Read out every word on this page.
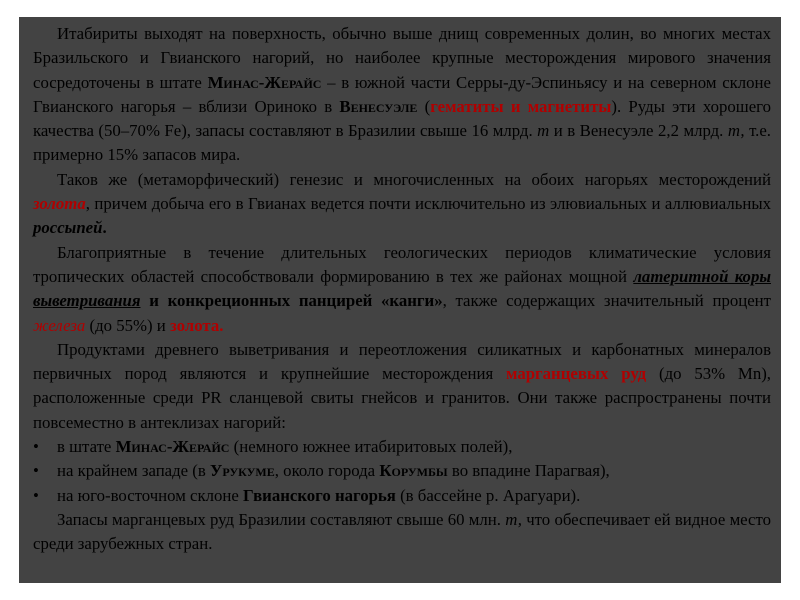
Итабириты выходят на поверхность, обычно выше днищ современных долин, во многих местах Бразильского и Гвианского нагорий, но наиболее крупные месторождения мирового значения сосредоточены в штате Минас-Жерайс – в южной части Серры-ду-Эспиньясу и на северном склоне Гвианского нагорья – вблизи Ориноко в Венесуэле (гематиты и магнетиты). Руды эти хорошего качества (50–70% Fe), запасы составляют в Бразилии свыше 16 млрд. т и в Венесуэле 2,2 млрд. т, т.е. примерно 15% запасов мира.

Таков же (метаморфический) генезис и многочисленных на обоих нагорьях месторождений золота, причем добыча его в Гвианах ведется почти исключительно из элювиальных и аллювиальных россыпей.

Благоприятные в течение длительных геологических периодов климатические условия тропических областей способствовали формированию в тех же районах мощной латеритной коры выветривания и конкреционных панцирей «канги», также содержащих значительный процент железа (до 55%) и золота.

Продуктами древнего выветривания и переотложения силикатных и карбонатных минералов первичных пород являются и крупнейшие месторождения марганцевых руд (до 53% Mn), расположенные среди PR сланцевой свиты гнейсов и гранитов. Они также распространены почти повсеместно в антеклизах нагорий:

• в штате Минас-Жерайс (немного южнее итабиритовых полей),
• на крайнем западе (в Урукуме, около города Корумбы во впадине Парагвая),
• на юго-восточном склоне Гвианского нагорья (в бассейне р. Арагуари).

Запасы марганцевых руд Бразилии составляют свыше 60 млн. т, что обеспечивает ей видное место среди зарубежных стран.
